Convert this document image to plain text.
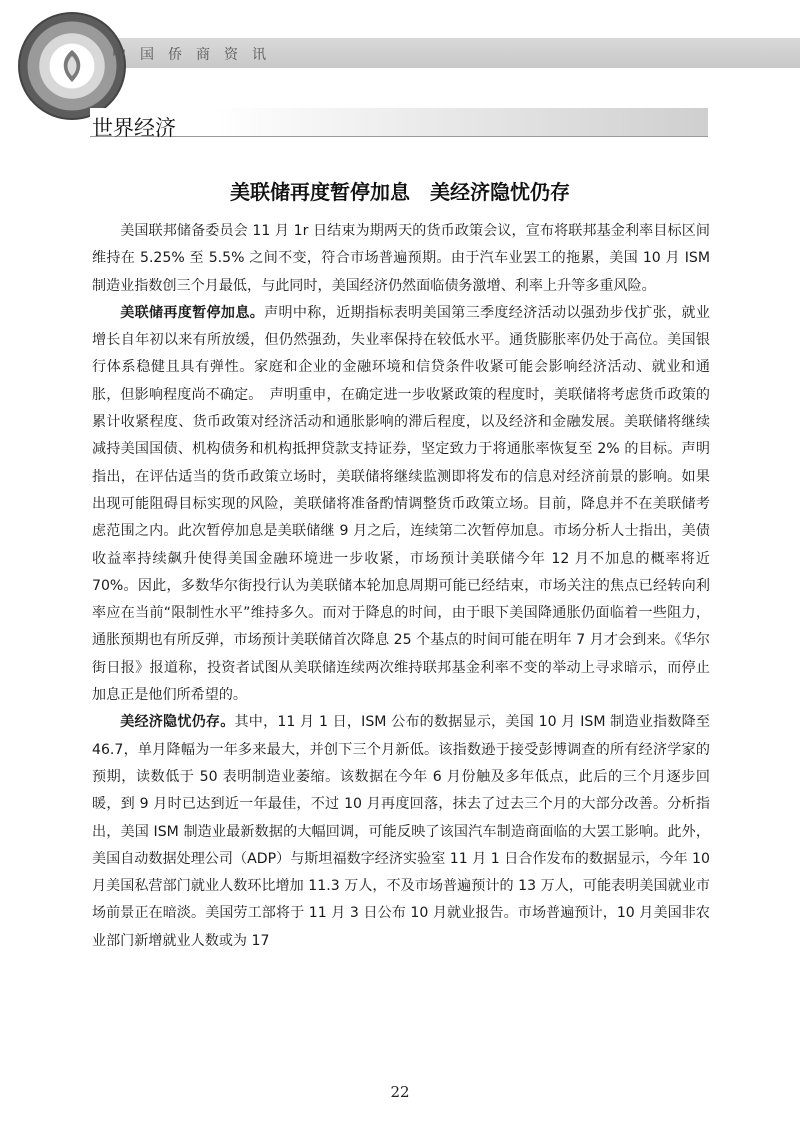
中国侨商资讯
世界经济
美联储再度暂停加息　美经济隐忧仍存

美国联邦储备委员会 11 月 1r 日结束为期两天的货币政策会议，宣布将联邦基金利率目标区间维持在 5.25% 至 5.5% 之间不变，符合市场普遍预期。由于汽车业罢工的拖累，美国 10 月 ISM 制造业指数创三个月最低，与此同时，美国经济仍然面临债务激增、利率上升等多重风险。

美联储再度暂停加息。声明中称，近期指标表明美国第三季度经济活动以强劲步伐扩张，就业增长自年初以来有所放缓，但仍然强劲，失业率保持在较低水平。通货膨胀率仍处于高位。美国银行体系稳健且具有弹性。家庭和企业的金融环境和信贷条件收紧可能会影响经济活动、就业和通胀，但影响程度尚不确定。　声明重申，在确定进一步收紧政策的程度时，美联储将考虑货币政策的累计收紧程度、货币政策对经济活动和通胀影响的滞后程度，以及经济和金融发展。美联储将继续减持美国国债、机构债务和机构抵押贷款支持证券，坚定致力于将通胀率恢复至 2% 的目标。声明指出，在评估适当的货币政策立场时，美联储将继续监测即将发布的信息对经济前景的影响。如果出现可能阻碍目标实现的风险，美联储将准备酌情调整货币政策立场。目前，降息并不在美联储考虑范围之内。此次暂停加息是美联储继 9 月之后，连续第二次暂停加息。市场分析人士指出，美债收益率持续飙升使得美国金融环境进一步收紧，市场预计美联储今年 12 月不加息的概率将近 70%。因此，多数华尔街投行认为美联储本轮加息周期可能已经结束，市场关注的焦点已经转向利率应在当前“限制性水平”维持多久。而对于降息的时间，由于眼下美国降通胀仍面临着一些阻力，通胀预期也有所反弹，市场预计美联储首次降息 25 个基点的时间可能在明年 7 月才会到来。《华尔街日报》报道称，投资者试图从美联储连续两次维持联邦基金利率不变的举动上寻求暗示，而停止加息正是他们所希望的。

美经济隐忧仍存。其中，11 月 1 日，ISM 公布的数据显示，美国 10 月 ISM 制造业指数降至 46.7，单月降幅为一年多来最大，并创下三个月新低。该指数逊于接受彭博调查的所有经济学家的预期，读数低于 50 表明制造业萎缩。该数据在今年 6 月份触及多年低点，此后的三个月逐步回暖，到 9 月时已达到近一年最佳，不过 10 月再度回落，抹去了过去三个月的大部分改善。分析指出，美国 ISM 制造业最新数据的大幅回调，可能反映了该国汽车制造商面临的大罢工影响。此外，美国自动数据处理公司（ADP）与斯坦福数字经济实验室 11 月 1 日合作发布的数据显示，今年 10 月美国私营部门就业人数环比增加 11.3 万人，不及市场普遍预计的 13 万人，可能表明美国就业市场前景正在暗淡。美国劳工部将于 11 月 3 日公布 10 月就业报告。市场普遍预计，10 月美国非农业部门新增就业人数或为 17

22
